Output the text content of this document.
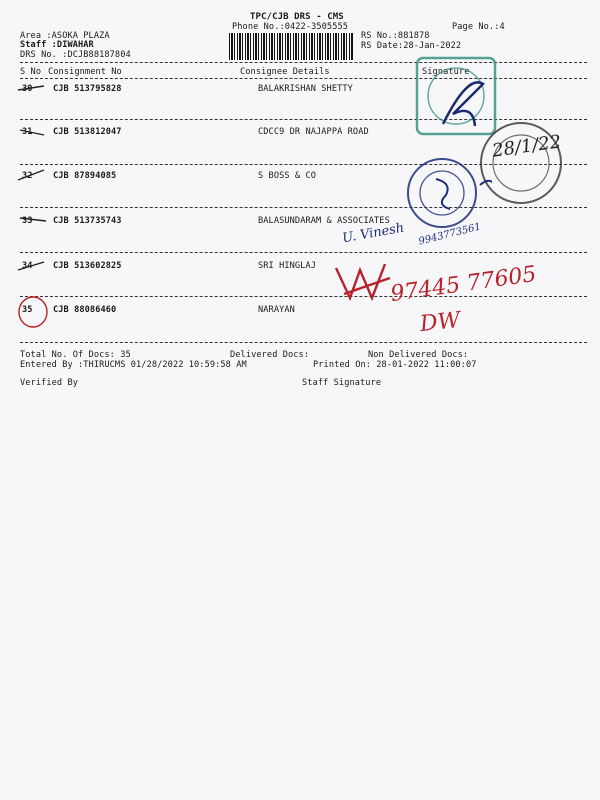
TPC/CJB DRS - CMS
Phone No.:0422-3505555
Area :ASOKA PLAZA
Staff :DIWAHAR
DRS No. :DCJB88187804
RS No.:881878
RS Date:28-Jan-2022
Page No.:4
S No Consignment No	Consignee Details	Signature
30 CJB 513795828	BALAKRISHAN SHETTY
31 CJB 513812047	CDCC9 DR NAJAPPA ROAD
32 CJB 87894085	S BOSS & CO
33 CJB 513735743	BALASUNDARAM & ASSOCIATES
34 CJB 513602825	SRI HINGLAJ
35 CJB 88086460	NARAYAN
28/1/22
U. Vinesh 9943773561
97445 77605
DW
Total No. Of Docs: 35	Delivered Docs:	Non Delivered Docs:
Entered By :THIRUCMS 01/28/2022 10:59:58 AM	Printed On: 28-01-2022 11:00:07
Verified By	Staff Signature
